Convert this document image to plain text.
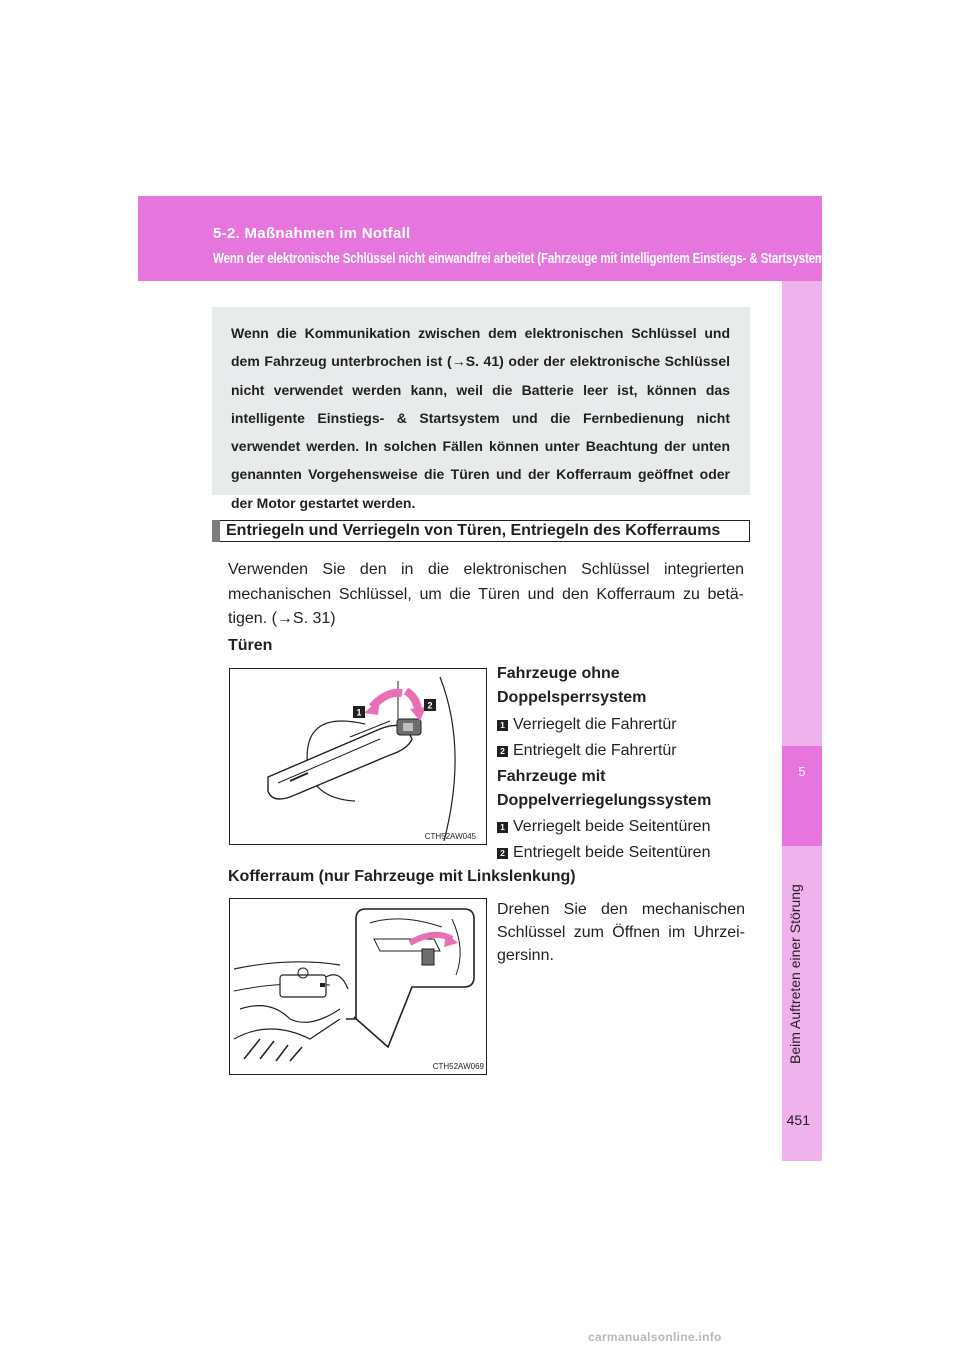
5-2. Maßnahmen im Notfall
Wenn der elektronische Schlüssel nicht einwandfrei arbeitet (Fahrzeuge mit intelligentem Einstiegs- & Startsystem)
5
Beim Auftreten einer Störung

Wenn die Kommunikation zwischen dem elektronischen Schlüssel und dem Fahrzeug unterbrochen ist (→S. 41) oder der elektronische Schlüssel nicht verwendet werden kann, weil die Batterie leer ist, können das intelligente Einstiegs- & Startsystem und die Fernbedienung nicht verwendet werden. In solchen Fällen können unter Beachtung der unten genannten Vorgehensweise die Türen und der Kofferraum geöffnet oder der Motor gestartet werden.

Entriegeln und Verriegeln von Türen, Entriegeln des Kofferraums

Verwenden Sie den in die elektronischen Schlüssel integrierten mechanischen Schlüssel, um die Türen und den Kofferraum zu betätigen. (→S. 31)

Türen
1
2
CTH52AW045
Fahrzeuge ohne
Doppelsperrsystem
1 Verriegelt die Fahrertür
2 Entriegelt die Fahrertür
Fahrzeuge mit
Doppelverriegelungssystem
1 Verriegelt beide Seitentüren
2 Entriegelt beide Seitentüren
Kofferraum (nur Fahrzeuge mit Linkslenkung)
CTH52AW069

Drehen Sie den mechanischen Schlüssel zum Öffnen im Uhrzeigersinn.

451
carmanualsonline.info
